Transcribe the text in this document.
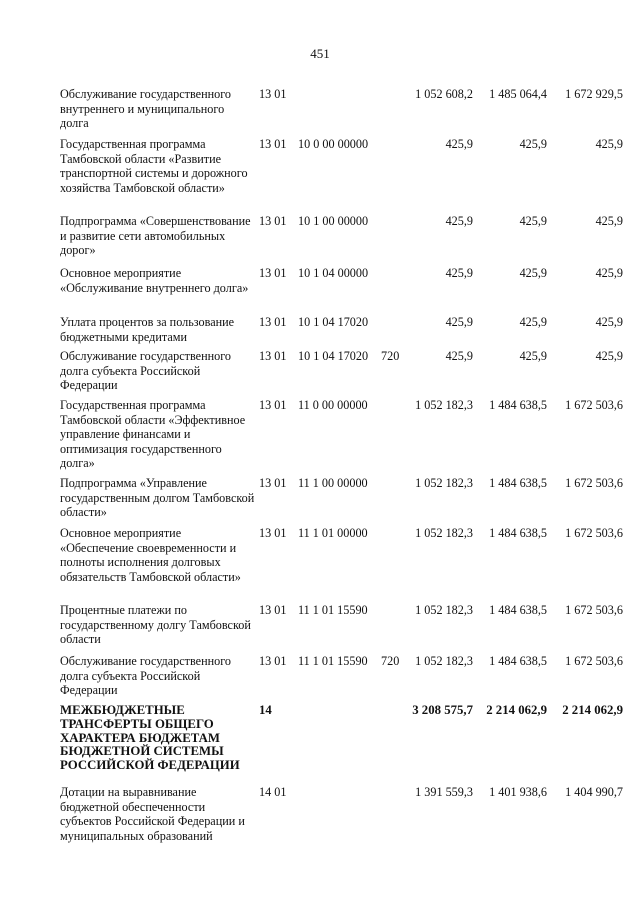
451
Обслуживание государственного внутреннего и муниципального долга
13 01	1 052 608,2 1 485 064,4 1 672 929,5
Государственная программа Тамбовской области «Развитие транспортной системы и дорожного хозяйства Тамбовской области»
13 01 10 0 00 00000	425,9	425,9	425,9
Подпрограмма «Совершенствование и развитие сети автомобильных дорог»
13 01 10 1 00 00000	425,9	425,9	425,9
Основное мероприятие «Обслуживание внутреннего долга»
13 01 10 1 04 00000	425,9	425,9	425,9
Уплата процентов за пользование бюджетными кредитами
13 01 10 1 04 17020	425,9	425,9	425,9
Обслуживание государственного долга субъекта Российской Федерации
13 01 10 1 04 17020 720	425,9	425,9	425,9
Государственная программа Тамбовской области «Эффективное управление финансами и оптимизация государственного долга»
13 01 11 0 00 00000	1 052 182,3 1 484 638,5 1 672 503,6
Подпрограмма «Управление государственным долгом Тамбовской области»
13 01 11 1 00 00000	1 052 182,3 1 484 638,5 1 672 503,6
Основное мероприятие «Обеспечение своевременности и полноты исполнения долговых обязательств Тамбовской области»
13 01 11 1 01 00000	1 052 182,3 1 484 638,5 1 672 503,6
Процентные платежи по государственному долгу Тамбовской области
13 01 11 1 01 15590	1 052 182,3 1 484 638,5 1 672 503,6
Обслуживание государственного долга субъекта Российской Федерации
13 01 11 1 01 15590 720 1 052 182,3 1 484 638,5 1 672 503,6
МЕЖБЮДЖЕТНЫЕ ТРАНСФЕРТЫ ОБЩЕГО ХАРАКТЕРА БЮДЖЕТАМ БЮДЖЕТНОЙ СИСТЕМЫ РОССИЙСКОЙ ФЕДЕРАЦИИ
14	3 208 575,7 2 214 062,9 2 214 062,9
Дотации на выравнивание бюджетной обеспеченности субъектов Российской Федерации и муниципальных образований
14 01	1 391 559,3 1 401 938,6 1 404 990,7
